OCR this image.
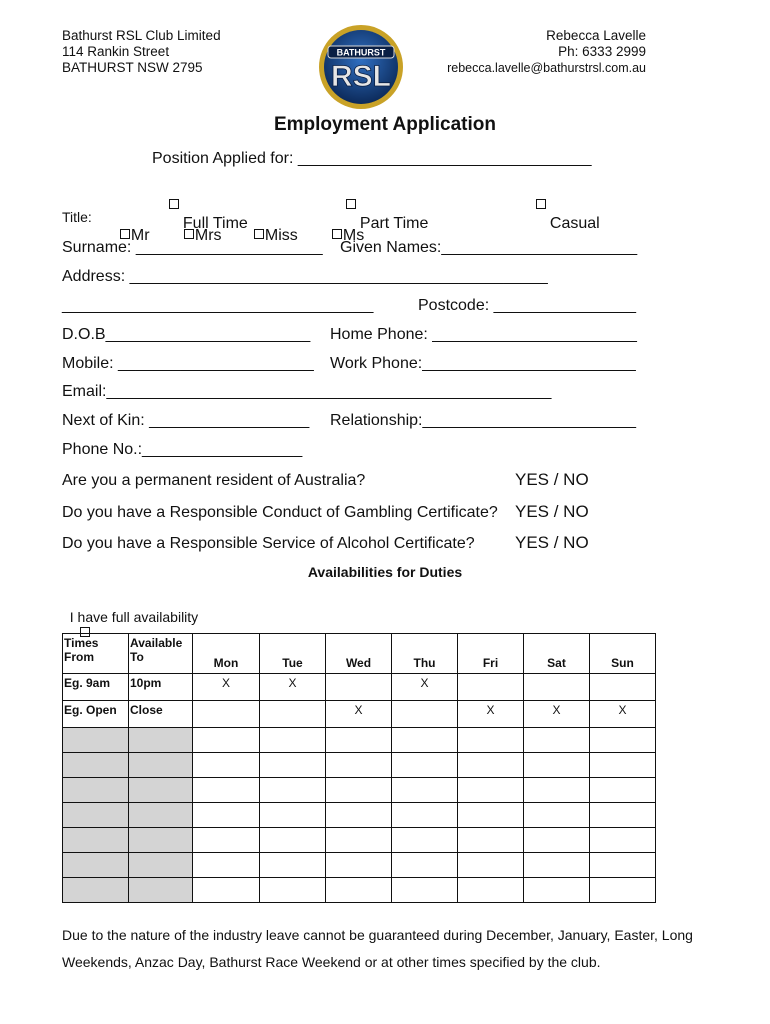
Bathurst RSL Club Limited
114 Rankin Street
BATHURST NSW 2795
BATHURST
RSL
Rebecca Lavelle
Ph: 6333 2999
rebecca.lavelle@bathurstrsl.com.au
Employment Application
Position Applied for: _________________________________

Full Time

	Part Time

	Casual

Title:

Mr	Mrs	Miss	Ms

Surname: _____________________ Given Names:______________________
Address: _______________________________________________
___________________________________	Postcode: ________________
D.O.B_______________________ Home Phone: _______________________
Mobile: ______________________ Work Phone:________________________
Email:__________________________________________________
Next of Kin: __________________ Relationship:________________________
Phone No.:__________________
Are you a permanent resident of Australia?	YES / NO
Do you have a Responsible Conduct of Gambling Certificate? YES / NO
Do you have a Responsible Service of Alcohol Certificate? YES / NO
Availabilities for Duties

I have full availability

Times From	Available To	Mon	Tue	Wed	Thu	Fri	Sat	Sun
Eg. 9am	10pm	X	X		X			
Eg. Open	Close			X		X	X	X

Due to the nature of the industry leave cannot be guaranteed during December, January, Easter, Long Weekends, Anzac Day, Bathurst Race Weekend or at other times specified by the club.
